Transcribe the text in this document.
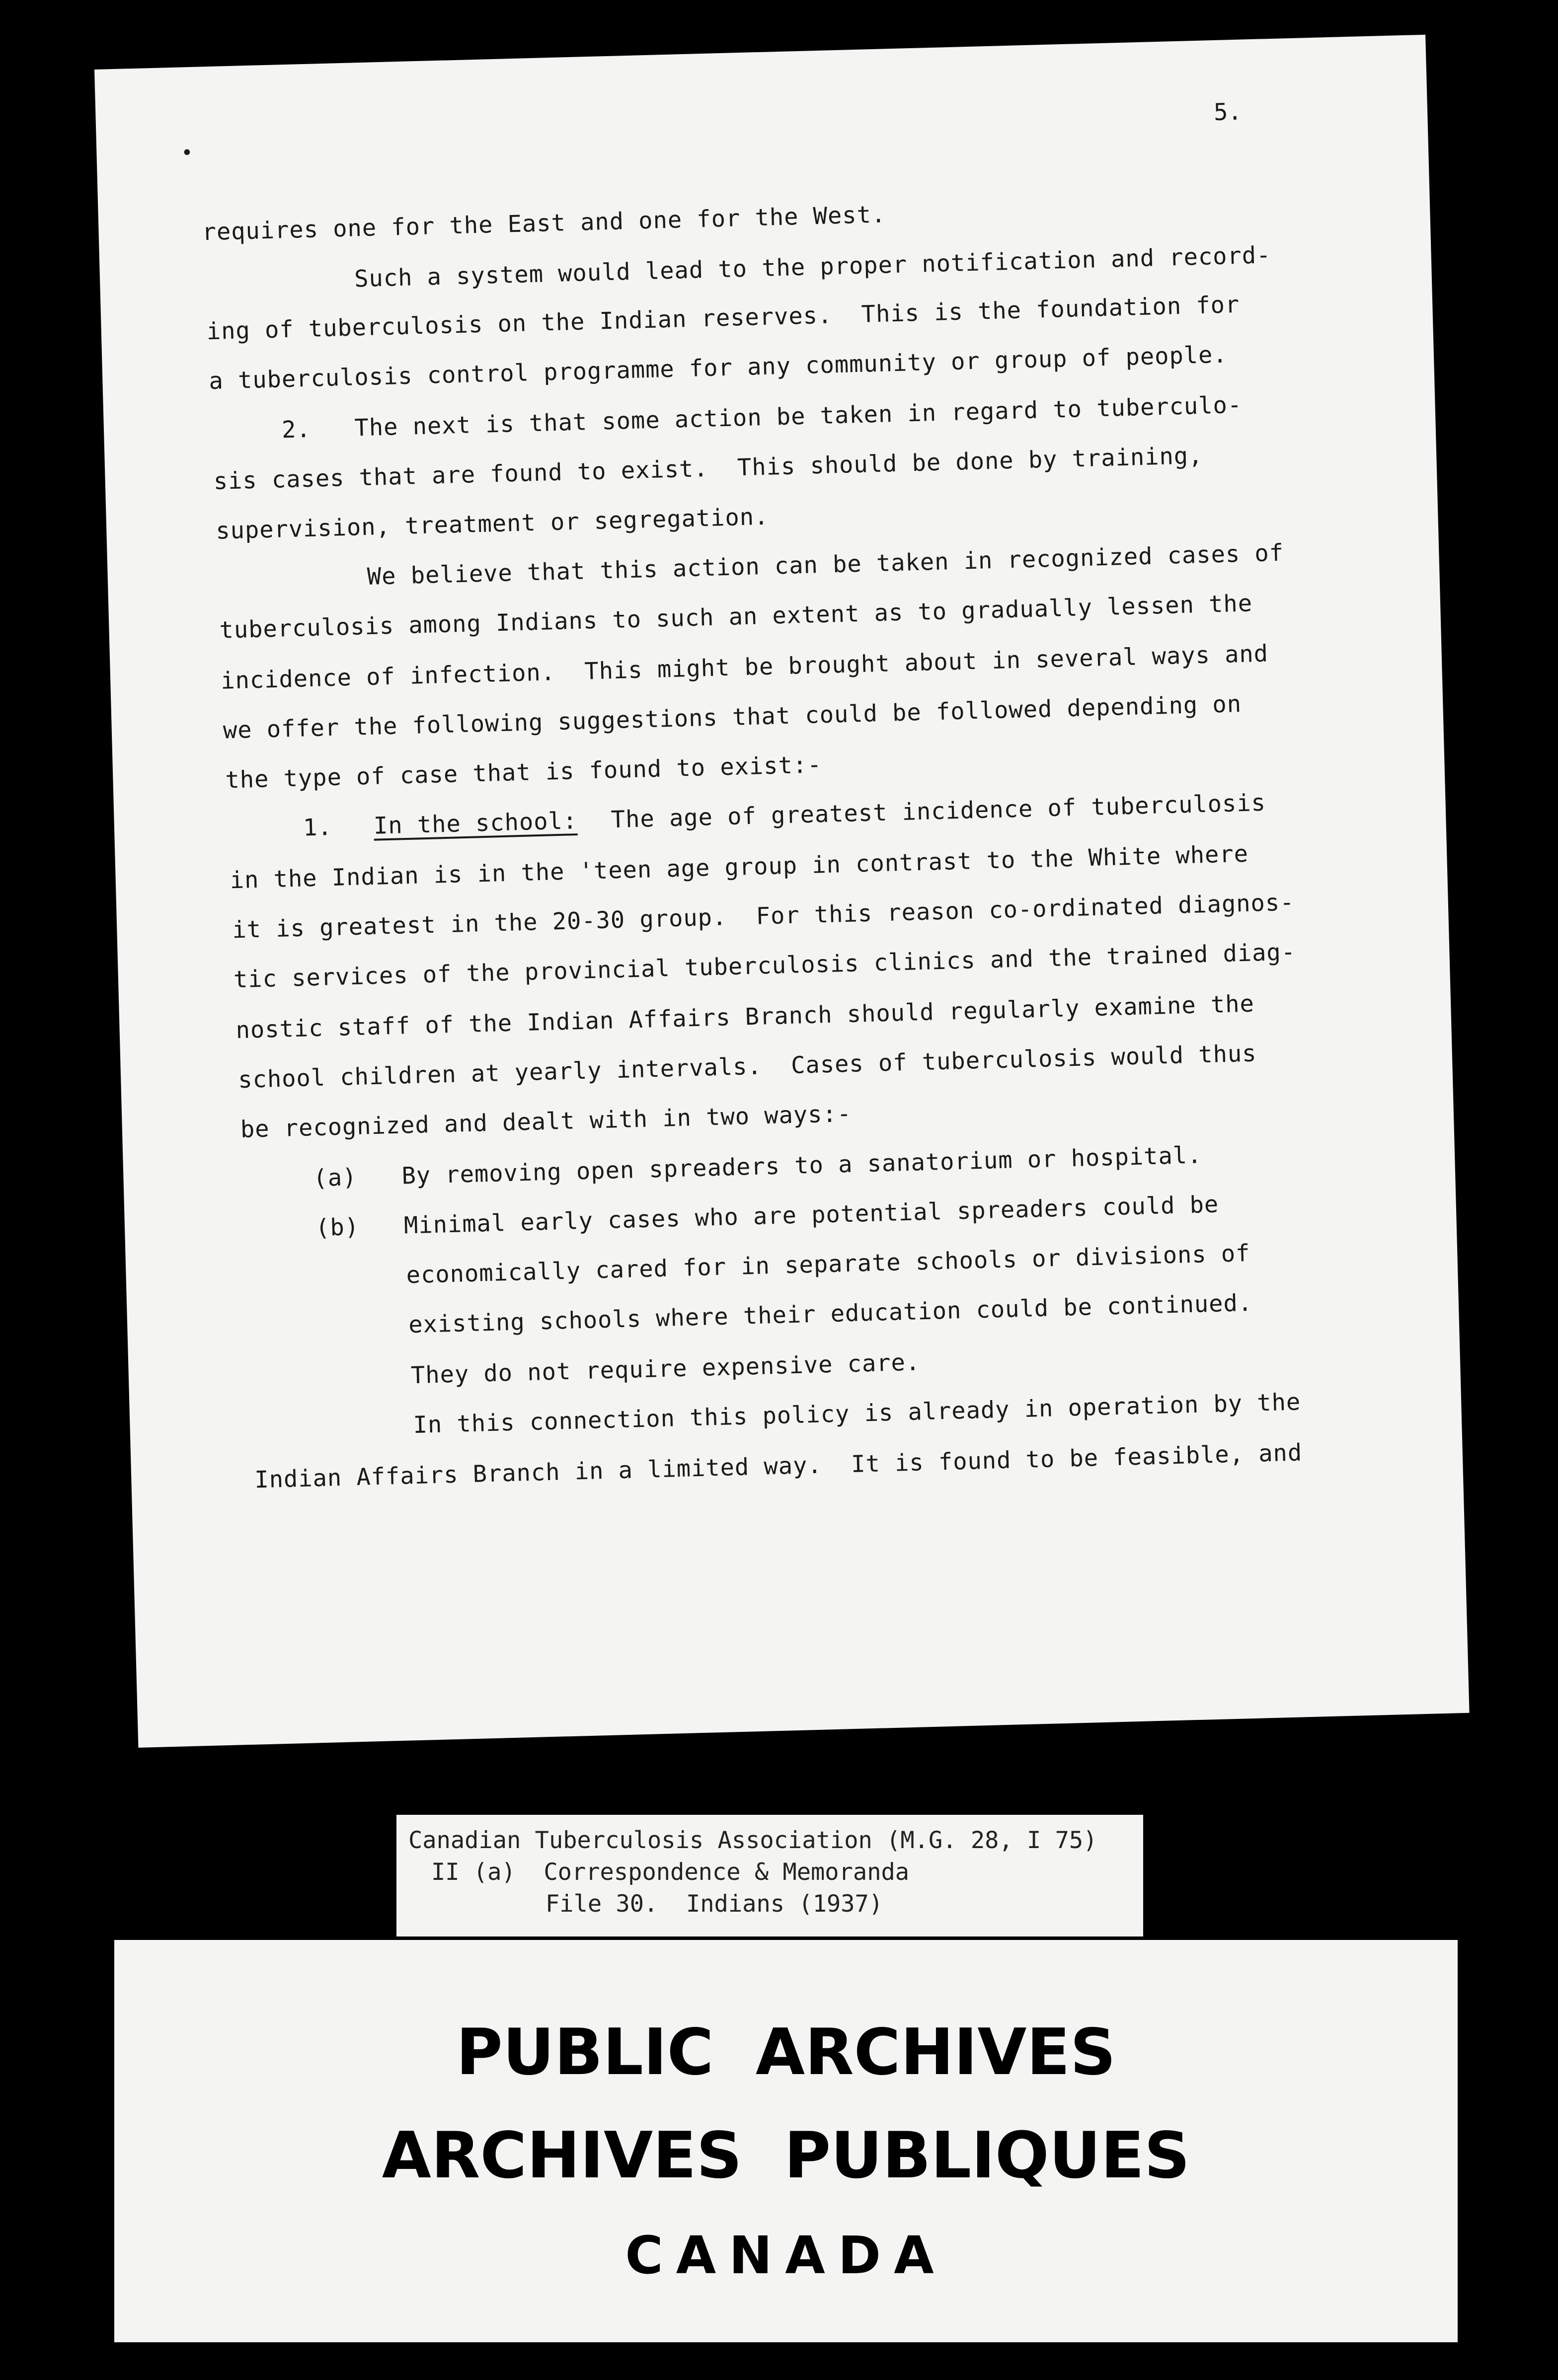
•
5.
requires one for the East and one for the West.
Such a system would lead to the proper notification and record-
ing of tuberculosis on the Indian reserves.  This is the foundation for
a tuberculosis control programme for any community or group of people.
2.   The next is that some action be taken in regard to tuberculo-
sis cases that are found to exist.  This should be done by training,
supervision, treatment or segregation.
We believe that this action can be taken in recognized cases of
tuberculosis among Indians to such an extent as to gradually lessen the
incidence of infection.  This might be brought about in several ways and
we offer the following suggestions that could be followed depending on
the type of case that is found to exist:-
1. In the school: The age of greatest incidence of tuberculosis
in the Indian is in the 'teen age group in contrast to the White where
it is greatest in the 20-30 group.  For this reason co-ordinated diagnos-
tic services of the provincial tuberculosis clinics and the trained diag-
nostic staff of the Indian Affairs Branch should regularly examine the
school children at yearly intervals.  Cases of tuberculosis would thus
be recognized and dealt with in two ways:-
(a) By removing open spreaders to a sanatorium or hospital.
(b) Minimal early cases who are potential spreaders could be
economically cared for in separate schools or divisions of
existing schools where their education could be continued.
They do not require expensive care.
In this connection this policy is already in operation by the
Indian Affairs Branch in a limited way.  It is found to be feasible, and
Canadian Tuberculosis Association (M.G. 28, I 75)
II (a)  Correspondence & Memoranda
File 30.  Indians (1937)
PUBLIC ARCHIVES
ARCHIVES PUBLIQUES
CANADA
